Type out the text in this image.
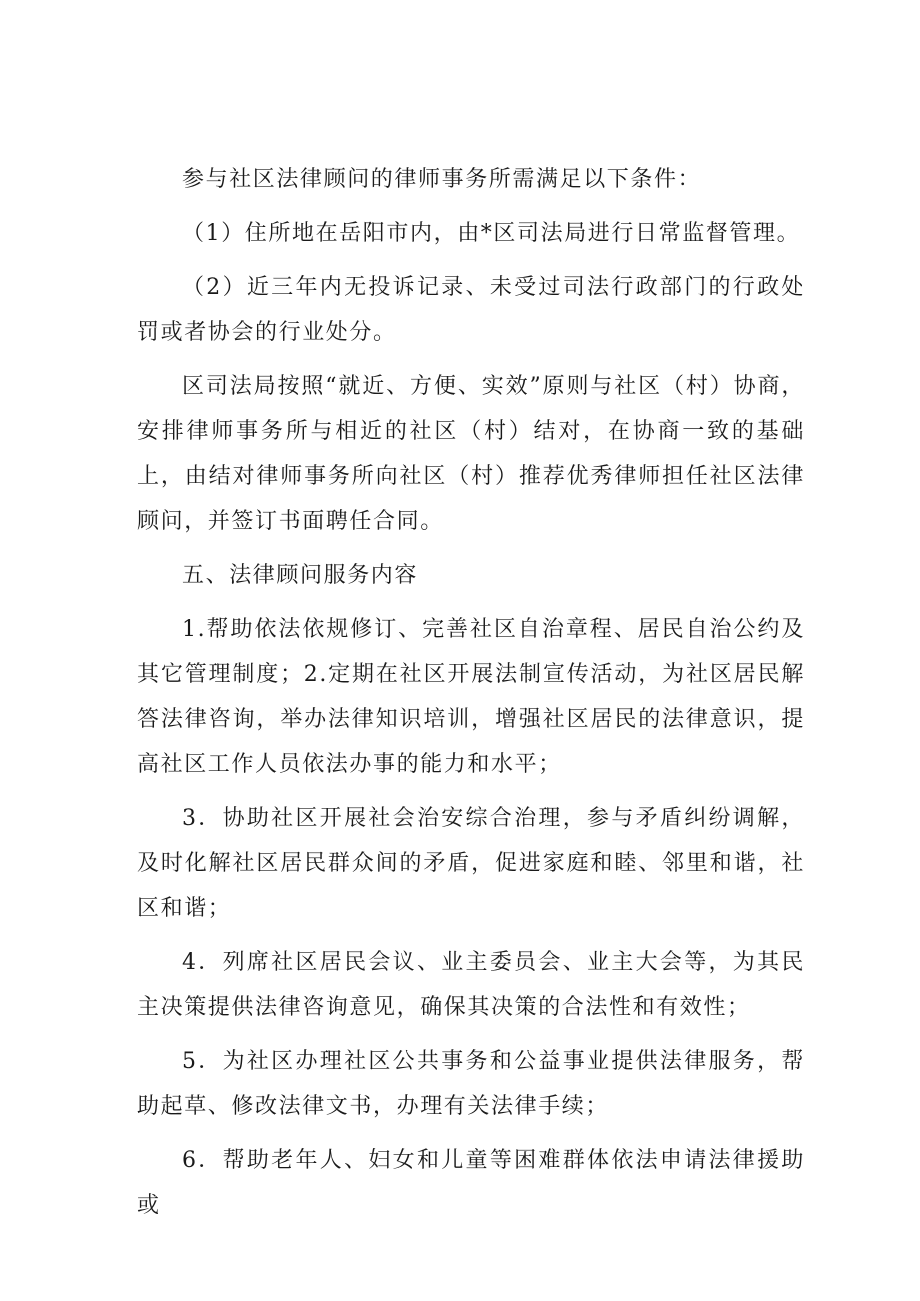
参与社区法律顾问的律师事务所需满足以下条件：

（1）住所地在岳阳市内，由*区司法局进行日常监督管理。

（2）近三年内无投诉记录、未受过司法行政部门的行政处罚或者协会的行业处分。

区司法局按照“就近、方便、实效”原则与社区（村）协商，安排律师事务所与相近的社区（村）结对，在协商一致的基础上，由结对律师事务所向社区（村）推荐优秀律师担任社区法律顾问，并签订书面聘任合同。

五、法律顾问服务内容

1.帮助依法依规修订、完善社区自治章程、居民自治公约及其它管理制度；2.定期在社区开展法制宣传活动，为社区居民解答法律咨询，举办法律知识培训，增强社区居民的法律意识，提高社区工作人员依法办事的能力和水平；

3．协助社区开展社会治安综合治理，参与矛盾纠纷调解，及时化解社区居民群众间的矛盾，促进家庭和睦、邻里和谐，社区和谐；

4．列席社区居民会议、业主委员会、业主大会等，为其民主决策提供法律咨询意见，确保其决策的合法性和有效性；

5．为社区办理社区公共事务和公益事业提供法律服务，帮助起草、修改法律文书，办理有关法律手续；

6．帮助老年人、妇女和儿童等困难群体依法申请法律援助或
